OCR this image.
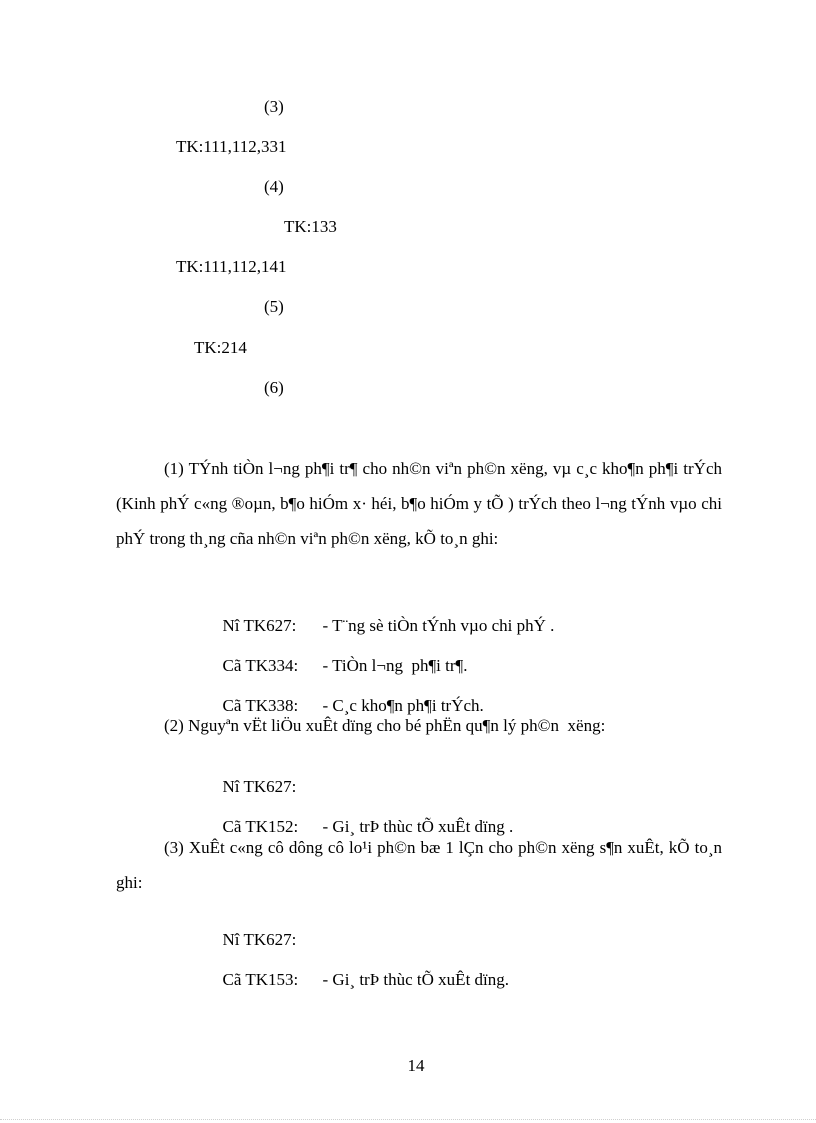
(3)
TK:111,112,331
(4)
TK:133
TK:111,112,141
(5)
TK:214
(6)
(1) TÝnh tiÒn l¬ng ph¶i tr¶ cho nh©n viªn ph©n xëng, vµ c¸c kho¶n ph¶i trÝch (Kinh phÝ c«ng ®oµn, b¶o hiÓm x· héi, b¶o hiÓm y tÕ ) trÝch theo l¬ng tÝnh vµo chi phÝ trong th¸ng cña nh©n viªn ph©n xëng, kÕ to¸n ghi:

Nî TK627: - T¨ng sè tiÒn tÝnh vµo chi phÝ .

Cã TK334: - TiÒn l¬ng  ph¶i tr¶.

Cã TK338: - C¸c kho¶n ph¶i trÝch.

(2) Nguyªn vËt liÖu xuÊt dïng cho bé phËn qu¶n lý ph©n  xëng:

Nî TK627:

Cã TK152: - Gi¸ trÞ thùc tÕ xuÊt dïng .

(3) XuÊt c«ng cô dông cô lo¹i ph©n bæ 1 lÇn cho ph©n xëng s¶n xuÊt, kÕ to¸n ghi:

Nî TK627:

Cã TK153: - Gi¸ trÞ thùc tÕ xuÊt dïng.

14
